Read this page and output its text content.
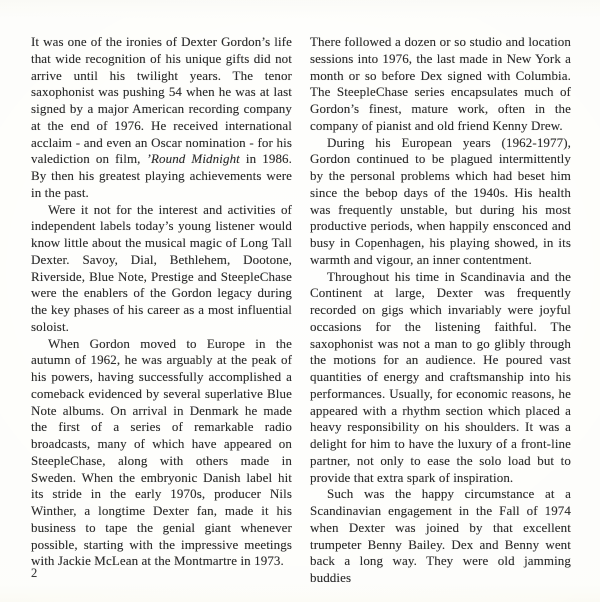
It was one of the ironies of Dexter Gordon’s life that wide recognition of his unique gifts did not arrive until his twilight years. The tenor saxophonist was pushing 54 when he was at last signed by a major American recording company at the end of 1976. He received international acclaim - and even an Oscar nomination - for his valediction on film, ’Round Midnight in 1986. By then his greatest playing achievements were in the past.

Were it not for the interest and activities of independent labels today’s young listener would know little about the musical magic of Long Tall Dexter. Savoy, Dial, Bethlehem, Dootone, Riverside, Blue Note, Prestige and SteepleChase were the enablers of the Gordon legacy during the key phases of his career as a most influential soloist.

When Gordon moved to Europe in the autumn of 1962, he was arguably at the peak of his powers, having successfully accomplished a comeback evidenced by several superlative Blue Note albums. On arrival in Denmark he made the first of a series of remarkable radio broadcasts, many of which have appeared on SteepleChase, along with others made in Sweden. When the embryonic Danish label hit its stride in the early 1970s, producer Nils Winther, a longtime Dexter fan, made it his business to tape the genial giant whenever possible, starting with the impressive meetings with Jackie McLean at the Montmartre in 1973.

There followed a dozen or so studio and location sessions into 1976, the last made in New York a month or so before Dex signed with Columbia. The SteepleChase series encapsulates much of Gordon’s finest, mature work, often in the company of pianist and old friend Kenny Drew.

During his European years (1962-1977), Gordon continued to be plagued intermittently by the personal problems which had beset him since the bebop days of the 1940s. His health was frequently unstable, but during his most productive periods, when happily ensconced and busy in Copenhagen, his playing showed, in its warmth and vigour, an inner contentment.

Throughout his time in Scandinavia and the Continent at large, Dexter was frequently recorded on gigs which invariably were joyful occasions for the listening faithful. The saxophonist was not a man to go glibly through the motions for an audience. He poured vast quantities of energy and craftsmanship into his performances. Usually, for economic reasons, he appeared with a rhythm section which placed a heavy responsibility on his shoulders. It was a delight for him to have the luxury of a front-line partner, not only to ease the solo load but to provide that extra spark of inspiration.

Such was the happy circumstance at a Scandinavian engagement in the Fall of 1974 when Dexter was joined by that excellent trumpeter Benny Bailey. Dex and Benny went back a long way. They were old jamming buddies

2
